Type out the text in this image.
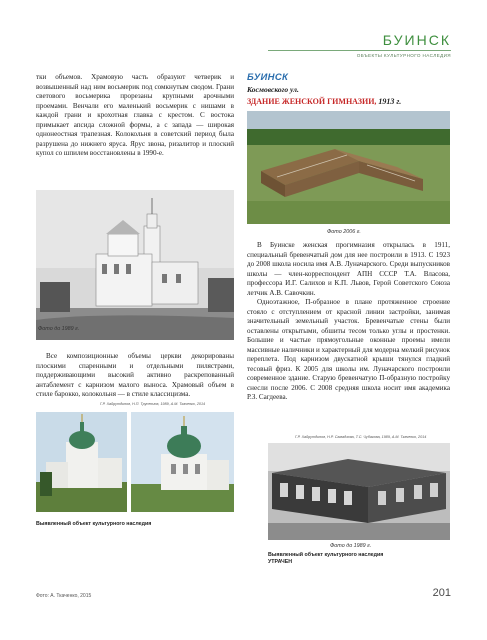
БУИНСК
ОБЪЕКТЫ КУЛЬТУРНОГО НАСЛЕДИЯ

тки объемов. Храмовую часть образуют четверик и возвышенный над ним восьмерик под сомкнутым сводом. Грани светового восьмерика прорезаны крупными арочными проемами. Венчали его маленький восьмерик с нишами в каждой грани и крохотная главка с крестом. С востока примыкает апсида сложной формы, а с запада — широкая однонеостная трапезная. Колокольня в советский период была разрушена до нижнего яруса. Ярус звона, ризалитор и плоский купол со шпилем восстановлены в 1990-е.

Фото до 1989 г.

Все композиционные объемы церкви декорированы плоскими спаренными и отдельными пилястрами, поддерживающими высокий активно раскрепованный антаблемент с карнизом малого выноса. Храмовый объем в стиле барокко, колокольня — в стиле классицизма.

Г.Р. Хайрутдинов, Н.П. Трусенина, 1989, А.М. Ткаченко, 2014
Выявленный объект культурного наследия
БУИНСК
Космовского ул.
ЗДАНИЕ ЖЕНСКОЙ ГИМНАЗИИ, 1913 г.
Фото 2006 г.

В Буинске женская прогимназия открылась в 1911, специальный бревенчатый дом для нее построили в 1913. С 1923 до 2008 школа носила имя А.В. Луначарского. Среди выпускников школы — член-корреспондент АПН СССР Т.А. Власова, профессора И.Г. Салихов и К.П. Львов, Герой Советского Союза летчик А.В. Савочкин.

Одноэтажное, П-образное в плане протяженное строение стояло с отступлением от красной линии застройки, занимая значительный земельный участок. Бревенчатые стены были оставлены открытыми, обшиты тесом только углы и простенки. Большие и частые прямоугольные оконные проемы имели массивные наличники и характерный для модерна мелкий рисунок переплета. Под карнизом двускатной крыши тянулся гладкий тесовый фриз. К 2005 для школы им. Луначарского построили современное здание. Старую бревенчатую П-образную постройку снесли после 2006. С 2008 средняя школа носит имя академика Р.З. Сагдеева.

Г.Р. Хайрутдинов, Н.Р. Самадзова, Т.С. Чубакова, 1989, А.М. Ткаченко, 2014
Фото до 1989 г.
Выявленный объект культурного наследия
УТРАЧЕН
Фото: А. Ткаченко, 2015	201
